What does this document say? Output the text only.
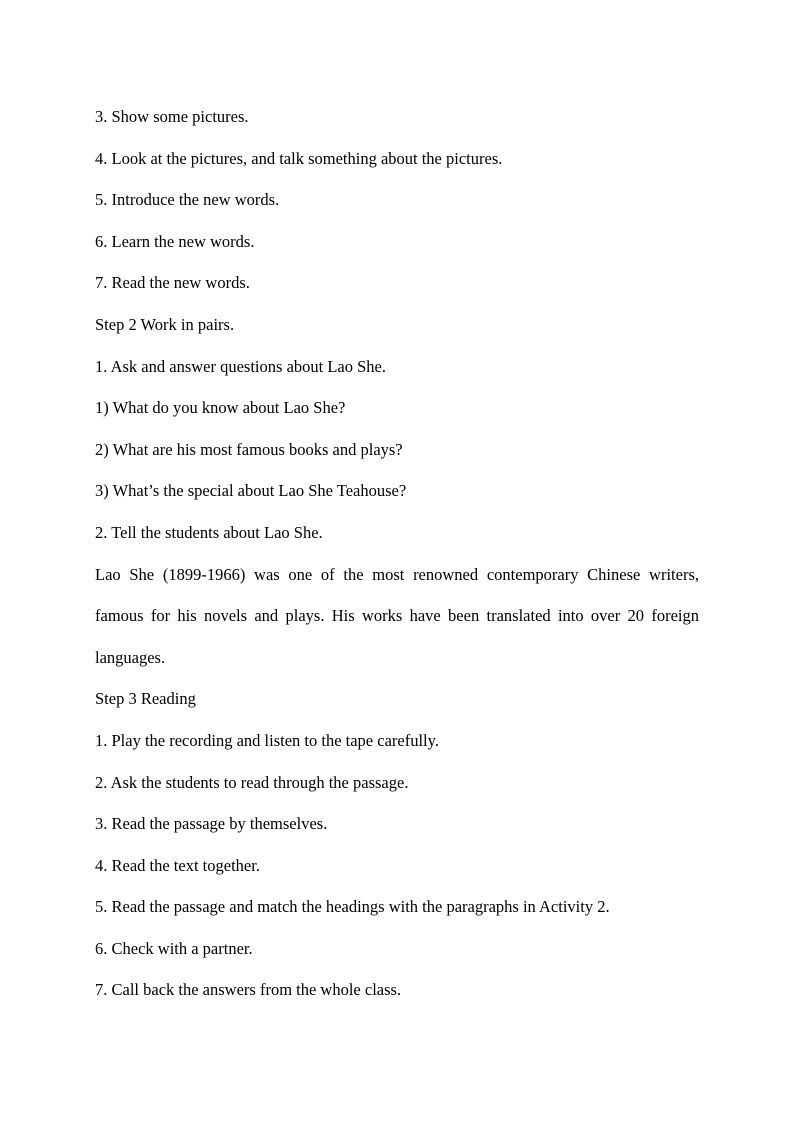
3. Show some pictures.
4. Look at the pictures, and talk something about the pictures.
5. Introduce the new words.
6. Learn the new words.
7. Read the new words.
Step 2 Work in pairs.
1. Ask and answer questions about Lao She.
1) What do you know about Lao She?
2) What are his most famous books and plays?
3) What’s the special about Lao She Teahouse?
2. Tell the students about Lao She.

Lao She (1899-1966) was one of the most renowned contemporary Chinese writers, famous for his novels and plays. His works have been translated into over 20 foreign languages.

Step 3 Reading
1. Play the recording and listen to the tape carefully.
2. Ask the students to read through the passage.
3. Read the passage by themselves.
4. Read the text together.
5. Read the passage and match the headings with the paragraphs in Activity 2.
6. Check with a partner.
7. Call back the answers from the whole class.
